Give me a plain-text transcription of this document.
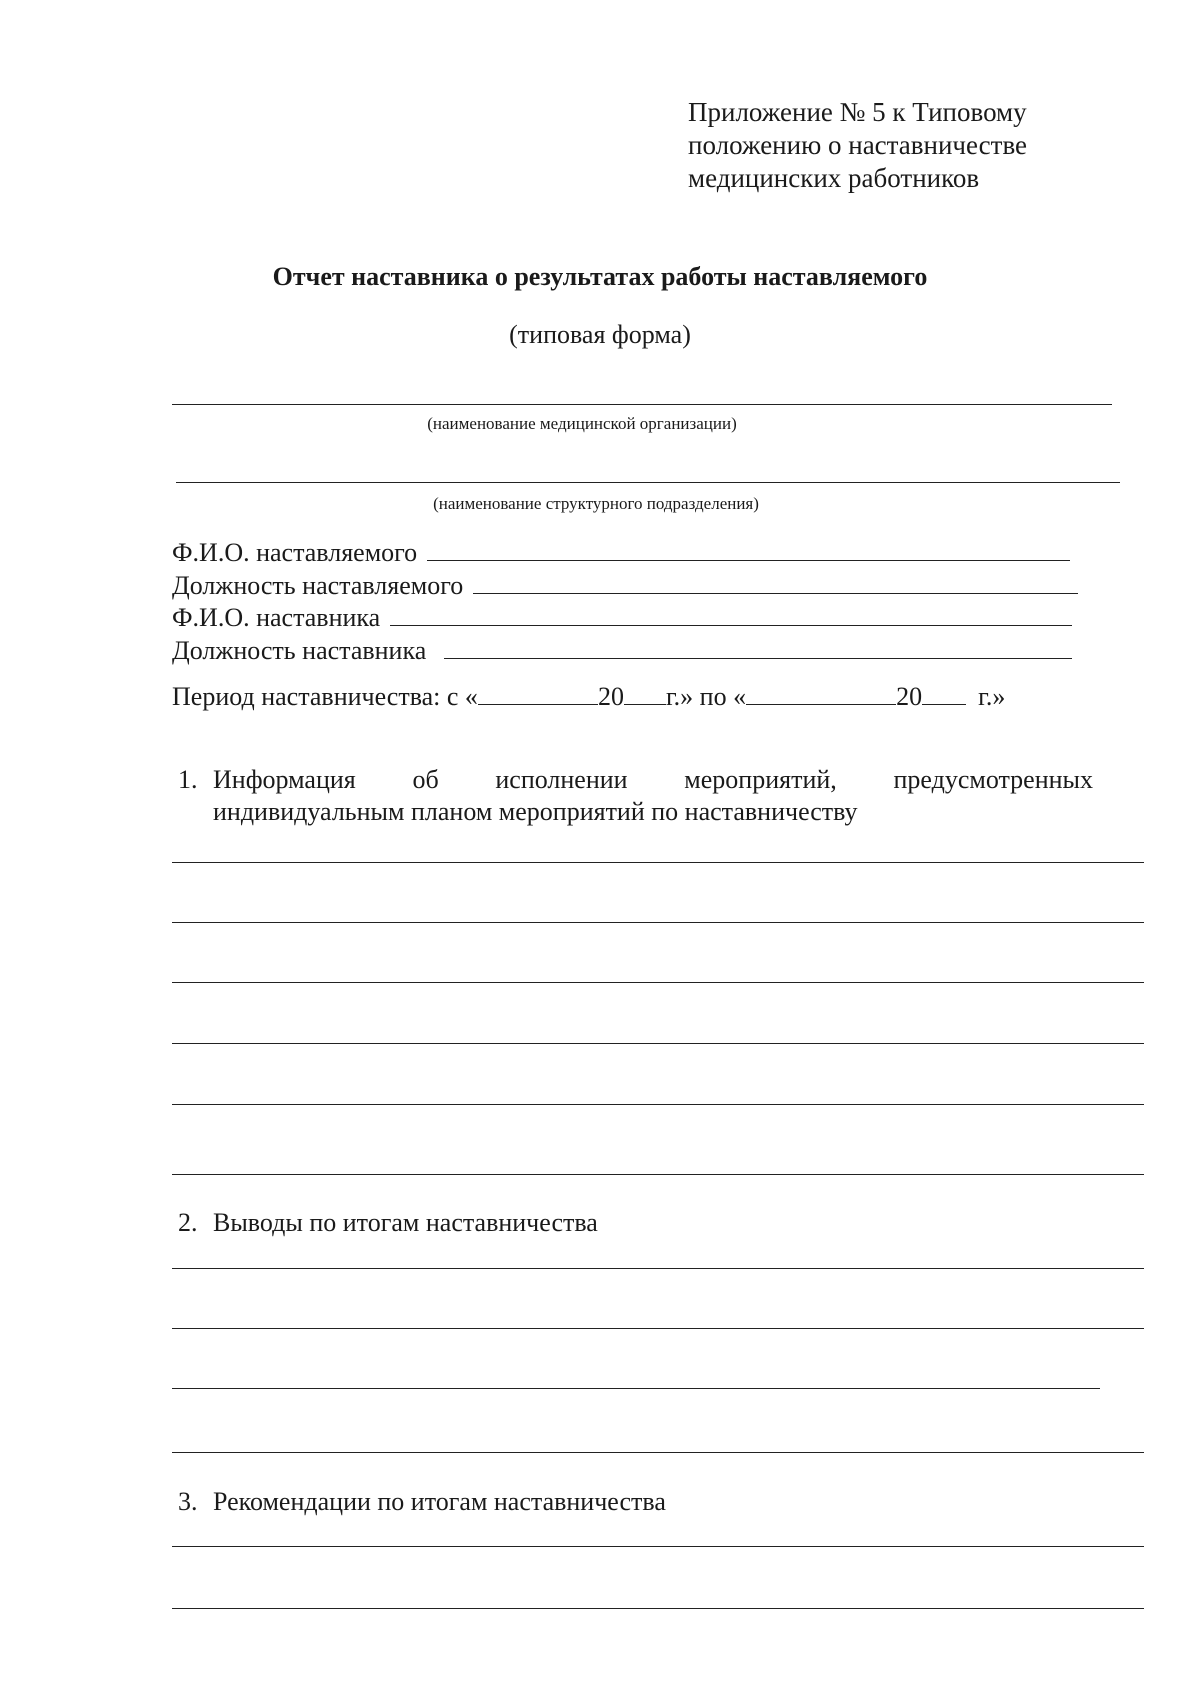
Приложение № 5 к Типовому
положению о наставничестве
медицинских работников
Отчет наставника о результатах работы наставляемого
(типовая форма)
(наименование медицинской организации)
(наименование структурного подразделения)
Ф.И.О. наставляемого
Должность наставляемого
Ф.И.О. наставника
Должность наставника
Период наставничества: с «	20 г.» по «	20 г.»
1. Информация об исполнении мероприятий, предусмотренных
индивидуальным планом мероприятий по наставничеству
2. Выводы по итогам наставничества
3. Рекомендации по итогам наставничества
